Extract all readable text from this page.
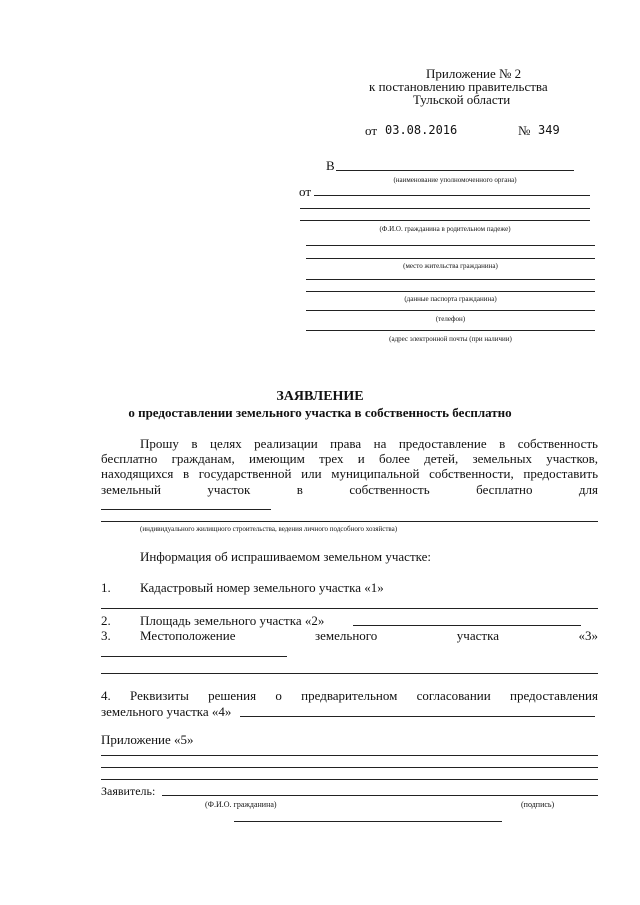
Приложение № 2
к постановлению правительства
Тульской области
от 03.08.2016	№ 349
В
(наименование уполномоченного органа)
от
(Ф.И.О. гражданина в родительном падеже)
(место жительства гражданина)
(данные паспорта гражданина)
(телефон)
(адрес электронной почты (при наличии)
ЗАЯВЛЕНИЕ
о предоставлении земельного участка в собственность бесплатно
Прошу в целях реализации права на предоставление в собственность
бесплатно гражданам, имеющим трех и более детей, земельных участков,
находящихся в государственной или муниципальной собственности, предоставить
земельный участок в собственность бесплатно для
(индивидуального жилищного строительства, ведения личного подсобного хозяйства)
Информация об испрашиваемом земельном участке:
1. Кадастровый номер земельного участка «1»
2. Площадь земельного участка «2»
3. Местоположение земельного участка «3»
4. Реквизиты решения о предварительном согласовании предоставления
земельного участка «4»
Приложение «5»
Заявитель:
(Ф.И.О. гражданина)	(подпись)
